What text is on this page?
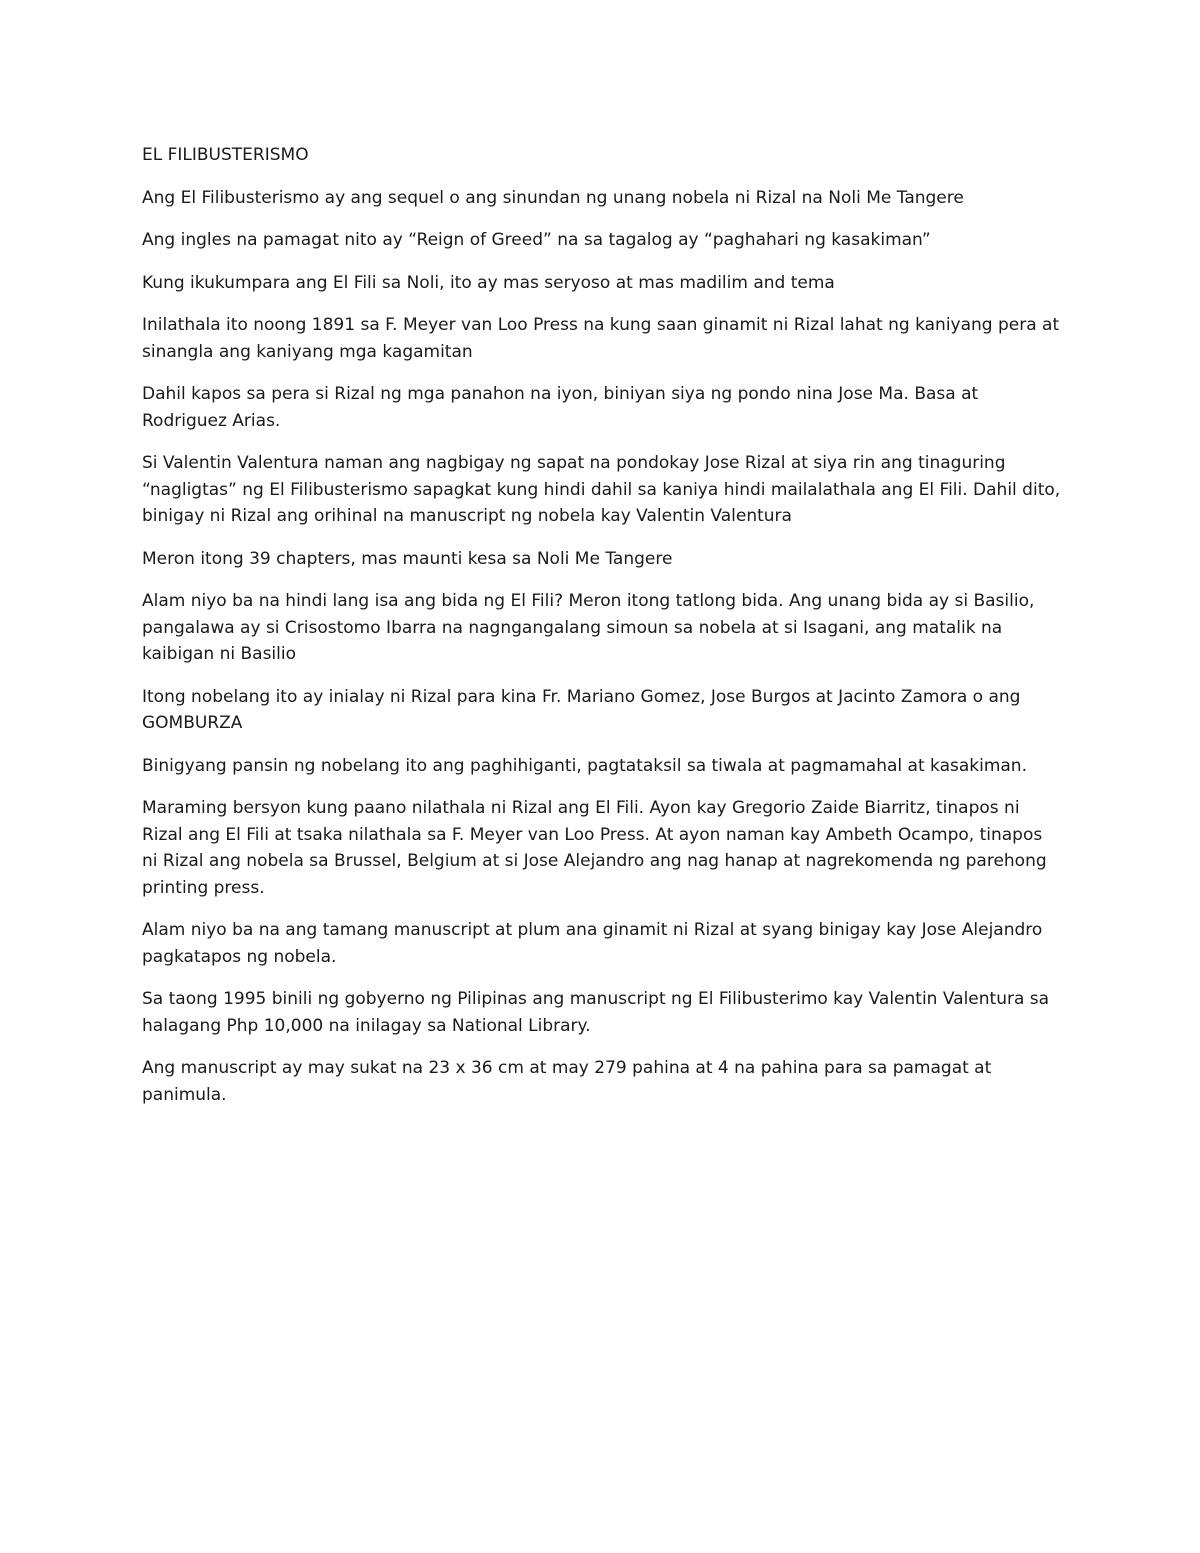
EL FILIBUSTERISMO

Ang El Filibusterismo ay ang sequel o ang sinundan ng unang nobela ni Rizal na Noli Me Tangere

Ang ingles na pamagat nito ay “Reign of Greed” na sa tagalog ay “paghahari ng kasakiman”

Kung ikukumpara ang El Fili sa Noli, ito ay mas seryoso at mas madilim and tema

Inilathala ito noong 1891 sa F. Meyer van Loo Press na kung saan ginamit ni Rizal lahat ng kaniyang pera at sinangla ang kaniyang mga kagamitan

Dahil kapos sa pera si Rizal ng mga panahon na iyon, biniyan siya ng pondo nina Jose Ma. Basa at Rodriguez Arias.

Si Valentin Valentura naman ang nagbigay ng sapat na pondokay Jose Rizal at siya rin ang tinaguring “nagligtas” ng El Filibusterismo sapagkat kung hindi dahil sa kaniya hindi mailalathala ang El Fili. Dahil dito, binigay ni Rizal ang orihinal na manuscript ng nobela kay Valentin Valentura

Meron itong 39 chapters, mas maunti kesa sa Noli Me Tangere

Alam niyo ba na hindi lang isa ang bida ng El Fili? Meron itong tatlong bida. Ang unang bida ay si Basilio, pangalawa ay si Crisostomo Ibarra na nagngangalang simoun sa nobela at si Isagani, ang matalik na kaibigan ni Basilio

Itong nobelang ito ay inialay ni Rizal para kina Fr. Mariano Gomez, Jose Burgos at Jacinto Zamora o ang GOMBURZA

Binigyang pansin ng nobelang ito ang paghihiganti, pagtataksil sa tiwala at pagmamahal at kasakiman.

Maraming bersyon kung paano nilathala ni Rizal ang El Fili. Ayon kay Gregorio Zaide Biarritz, tinapos ni Rizal ang El Fili at tsaka nilathala sa F. Meyer van Loo Press. At ayon naman kay Ambeth Ocampo, tinapos ni Rizal ang nobela sa Brussel, Belgium at si Jose Alejandro ang nag hanap at nagrekomenda ng parehong printing press.

Alam niyo ba na ang tamang manuscript at plum ana ginamit ni Rizal at syang binigay kay Jose Alejandro pagkatapos ng nobela.

Sa taong 1995 binili ng gobyerno ng Pilipinas ang manuscript ng El Filibusterimo kay Valentin Valentura sa halagang Php 10,000 na inilagay sa National Library.

Ang manuscript ay may sukat na 23 x 36 cm at may 279 pahina at 4 na pahina para sa pamagat at panimula.
